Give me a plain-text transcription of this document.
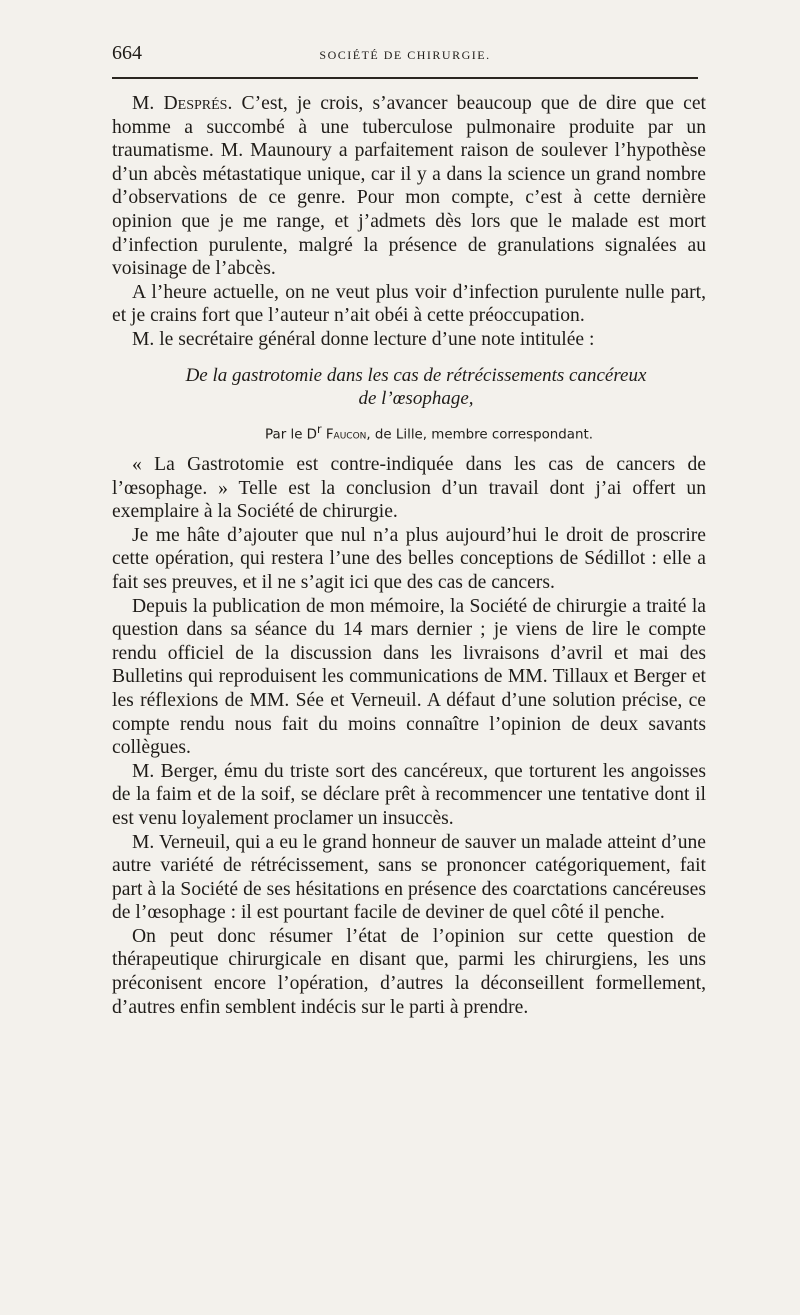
664	SOCIÉTÉ DE CHIRURGIE.

M. Després. C’est, je crois, s’avancer beaucoup que de dire que cet homme a succombé à une tuberculose pulmonaire produite par un traumatisme. M. Maunoury a parfaitement raison de soulever l’hypothèse d’un abcès métastatique unique, car il y a dans la science un grand nombre d’observations de ce genre. Pour mon compte, c’est à cette dernière opinion que je me range, et j’admets dès lors que le malade est mort d’infection purulente, malgré la présence de granulations signalées au voisinage de l’abcès.

A l’heure actuelle, on ne veut plus voir d’infection purulente nulle part, et je crains fort que l’auteur n’ait obéi à cette préoccupation.

M. le secrétaire général donne lecture d’une note intitulée :

De la gastrotomie dans les cas de rétrécissements cancéreux
de l’œsophage,
Par le $D^r$ Faucon, de Lille, membre correspondant.

« La Gastrotomie est contre-indiquée dans les cas de cancers de l’œsophage. » Telle est la conclusion d’un travail dont j’ai offert un exemplaire à la Société de chirurgie.

Je me hâte d’ajouter que nul n’a plus aujourd’hui le droit de proscrire cette opération, qui restera l’une des belles conceptions de Sédillot : elle a fait ses preuves, et il ne s’agit ici que des cas de cancers.

Depuis la publication de mon mémoire, la Société de chirurgie a traité la question dans sa séance du 14 mars dernier ; je viens de lire le compte rendu officiel de la discussion dans les livraisons d’avril et mai des Bulletins qui reproduisent les communications de MM. Tillaux et Berger et les réflexions de MM. Sée et Verneuil. A défaut d’une solution précise, ce compte rendu nous fait du moins connaître l’opinion de deux savants collègues.

M. Berger, ému du triste sort des cancéreux, que torturent les angoisses de la faim et de la soif, se déclare prêt à recommencer une tentative dont il est venu loyalement proclamer un insuccès.

M. Verneuil, qui a eu le grand honneur de sauver un malade atteint d’une autre variété de rétrécissement, sans se prononcer catégoriquement, fait part à la Société de ses hésitations en présence des coarctations cancéreuses de l’œsophage : il est pourtant facile de deviner de quel côté il penche.

On peut donc résumer l’état de l’opinion sur cette question de thérapeutique chirurgicale en disant que, parmi les chirurgiens, les uns préconisent encore l’opération, d’autres la déconseillent formellement, d’autres enfin semblent indécis sur le parti à prendre.
